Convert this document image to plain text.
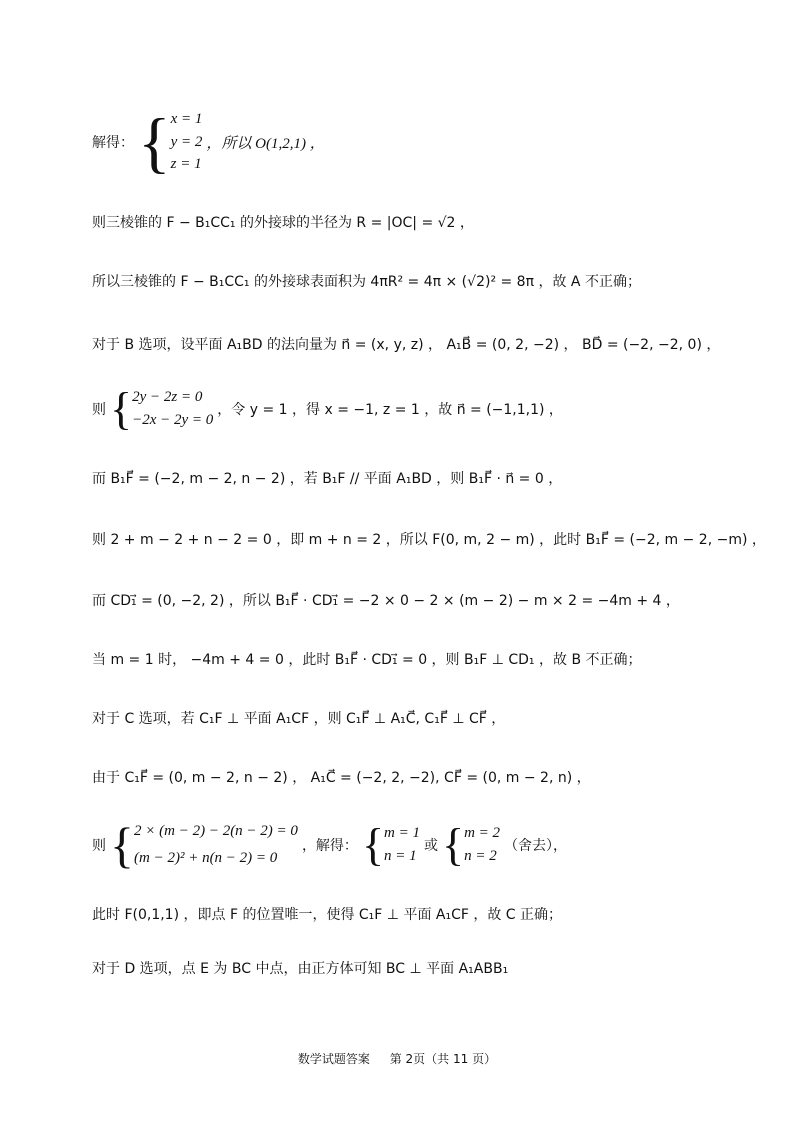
解得： { x = 1
y = 2
z = 1
，所以 O(1,2,1) ，
则三棱锥的 F − B₁CC₁ 的外接球的半径为 R = |OC| = √2 ，
所以三棱锥的 F − B₁CC₁ 的外接球表面积为 4πR² = 4π × (√2)² = 8π ，故 A 不正确；
对于 B 选项，设平面 A₁BD 的法向量为 n⃗ = (x, y, z) ， A₁B⃗ = (0, 2, −2) ， BD⃗ = (−2, −2, 0) ，
则 { 2y − 2z = 0
−2x − 2y = 0
，令 y = 1 ，得 x = −1, z = 1 ，故 n⃗ = (−1,1,1) ，
而 B₁F⃗ = (−2, m − 2, n − 2) ，若 B₁F // 平面 A₁BD ，则 B₁F⃗ · n⃗ = 0 ，
则 2 + m − 2 + n − 2 = 0 ，即 m + n = 2 ，所以 F(0, m, 2 − m) ，此时 B₁F⃗ = (−2, m − 2, −m) ，
而 CD₁⃗ = (0, −2, 2) ，所以 B₁F⃗ · CD₁⃗ = −2 × 0 − 2 × (m − 2) − m × 2 = −4m + 4 ，
当 m = 1 时， −4m + 4 = 0 ，此时 B₁F⃗ · CD₁⃗ = 0 ，则 B₁F ⊥ CD₁ ，故 B 不正确；
对于 C 选项，若 C₁F ⊥ 平面 A₁CF ，则 C₁F⃗ ⊥ A₁C⃗, C₁F⃗ ⊥ CF⃗ ，
由于 C₁F⃗ = (0, m − 2, n − 2) ， A₁C⃗ = (−2, 2, −2), CF⃗ = (0, m − 2, n) ，
则 { 2 × (m − 2) − 2(n − 2) = 0
(m − 2)² + n(n − 2) = 0
，解得： { m = 1
n = 1
或 { m = 2
n = 2
（舍去），
此时 F(0,1,1) ，即点 F 的位置唯一，使得 C₁F ⊥ 平面 A₁CF ，故 C 正确；
对于 D 选项，点 E 为 BC 中点，由正方体可知 BC ⊥ 平面 A₁ABB₁
数学试题答案 第 2页（共 11 页）
